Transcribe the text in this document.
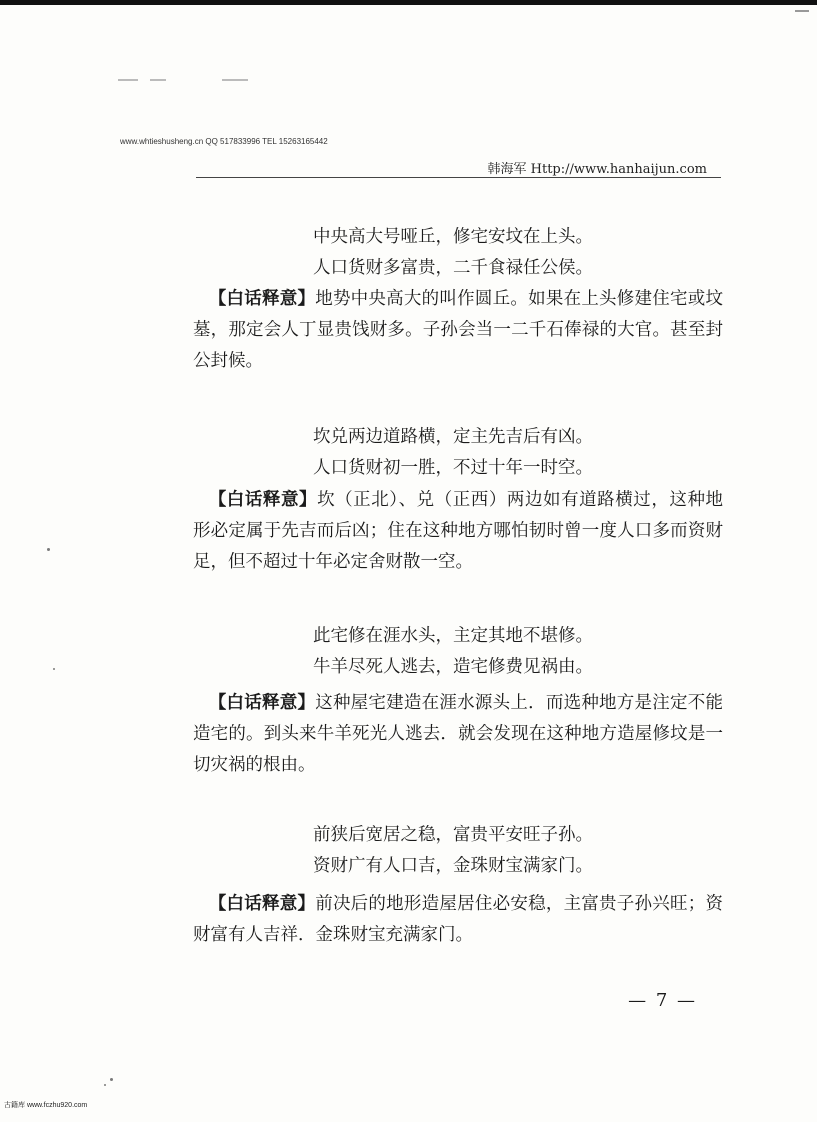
www.whtieshusheng.cn QQ 517833996 TEL 15263165442

韩海军 Http://www.hanhaijun.com

中央高大号哑丘，修宅安坟在上头。

人口货财多富贵，二千食禄任公侯。

【白话释意】地势中央高大的叫作圆丘。如果在上头修建住宅或坟墓，那定会人丁显贵饯财多。子孙会当一二千石俸禄的大官。甚至封公封候。

坎兑两边道路横，定主先吉后有凶。

人口货财初一胜，不过十年一时空。

【白话释意】坎（正北）、兑（正西）两边如有道路横过，这种地形必定属于先吉而后凶；住在这种地方哪怕韧时曾一度人口多而资财足，但不超过十年必定舍财散一空。

此宅修在涯水头，主定其地不堪修。

牛羊尽死人逃去，造宅修费见祸由。

【白话释意】这种屋宅建造在涯水源头上．而选种地方是注定不能造宅的。到头来牛羊死光人逃去．就会发现在这种地方造屋修坟是一切灾祸的根由。

前狭后宽居之稳，富贵平安旺子孙。

资财广有人口吉，金珠财宝满家门。

【白话释意】前决后的地形造屋居住必安稳，主富贵子孙兴旺；资财富有人吉祥．金珠财宝充满家门。

— 7 —

古籍库 www.fczhu920.com
